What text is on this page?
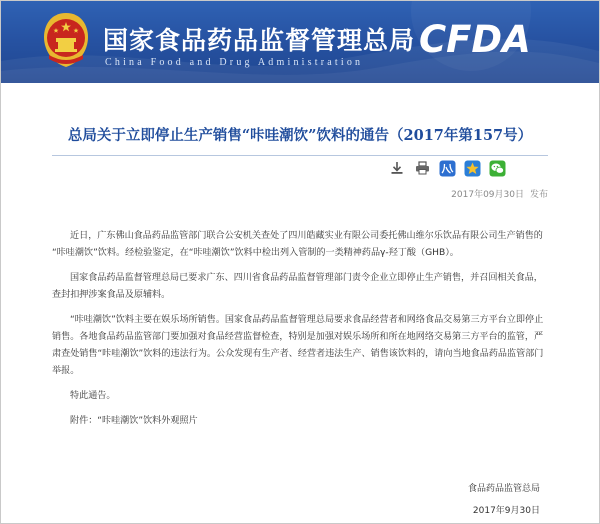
国家食品药品监督管理总局
China Food and Drug Administration
CFDA
总局关于立即停止生产销售“咔哇潮饮”饮料的通告（2017年第157号）
2017年09月30日 发布

近日，广东佛山食品药品监管部门联合公安机关查处了四川皓藏实业有限公司委托佛山维尔乐饮品有限公司生产销售的 “咔哇潮饮”饮料。经检验鉴定，在“咔哇潮饮”饮料中检出列入管制的一类精神药品γ-羟丁酸（GHB）。

国家食品药品监督管理总局已要求广东、四川省食品药品监督管理部门责令企业立即停止生产销售，并召回相关食品，查封扣押涉案食品及原辅料。

“咔哇潮饮”饮料主要在娱乐场所销售。国家食品药品监督管理总局要求食品经营者和网络食品交易第三方平台立即停止销售。各地食品药品监管部门要加强对食品经营监督检查，特别是加强对娱乐场所和所在地网络交易第三方平台的监管，严肃查处销售“咔哇潮饮”饮料的违法行为。公众发现有生产者、经营者违法生产、销售该饮料的，请向当地食品药品监管部门举报。

特此通告。

附件：“咔哇潮饮”饮料外观照片

食品药品监管总局
2017年9月30日
